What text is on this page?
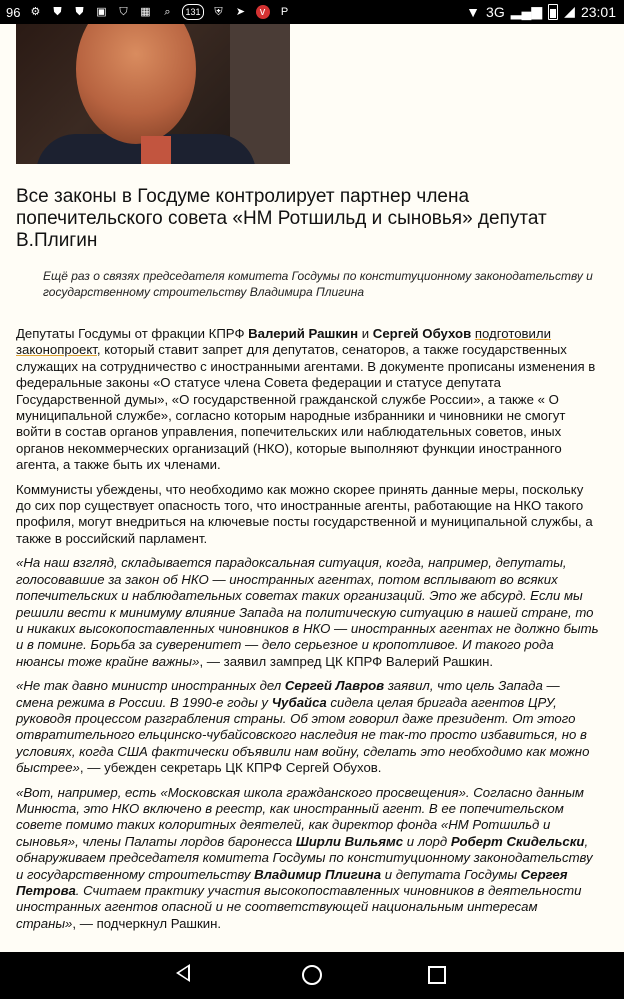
96 ⚙ ⛊ ⛊ ▣ ⛉ ▦	⌕	131 ⛨ ➤	v	P	▼ 3G ▂▄▆ ◢ 23:01
Все законы в Госдуме контролирует партнер члена попечительского совета «НМ Ротшильд и сыновья» депутат В.Плигин
Ещё раз о связях председателя комитета Госдумы по конституционному законодательству и государственному строительству Владимира Плигина

Депутаты Госдумы от фракции КПРФ Валерий Рашкин и Сергей Обухов подготовили законопроект, который ставит запрет для депутатов, сенаторов, а также государственных служащих на сотрудничество с иностранными агентами. В документе прописаны изменения в федеральные законы «О статусе члена Совета федерации и статусе депутата Государственной думы», «О государственной гражданской службе России», а также « О муниципальной службе», согласно которым народные избранники и чиновники не смогут войти в состав органов управления, попечительских или наблюдательных советов, иных органов некоммерческих организаций (НКО), которые выполняют функции иностранного агента, а также быть их членами.

Коммунисты убеждены, что необходимо как можно скорее принять данные меры, поскольку до сих пор существует опасность того, что иностранные агенты, работающие на НКО такого профиля, могут внедриться на ключевые посты государственной и муниципальной службы, а также в российский парламент.

«На наш взгляд, складывается парадоксальная ситуация, когда, например, депутаты, голосовавшие за закон об НКО — иностранных агентах, потом всплывают во всяких попечительских и наблюдательных советах таких организаций. Это же абсурд. Если мы решили вести к минимуму влияние Запада на политическую ситуацию в нашей стране, то и никаких высокопоставленных чиновников в НКО — иностранных агентах не должно быть и в помине. Борьба за суверенитет — дело серьезное и кропотливое. И такого рода нюансы тоже крайне важны», — заявил зампред ЦК КПРФ Валерий Рашкин.

«Не так давно министр иностранных дел Сергей Лавров заявил, что цель Запада — смена режима в России. В 1990-е годы у Чубайса сидела целая бригада агентов ЦРУ, руководя процессом разграбления страны. Об этом говорил даже президент. От этого отвратительного ельцинско-чубайсовского наследия не так-то просто избавиться, но в условиях, когда США фактически объявили нам войну, сделать это необходимо как можно быстрее», — убежден секретарь ЦК КПРФ Сергей Обухов.

«Вот, например, есть «Московская школа гражданского просвещения». Согласно данным Минюста, это НКО включено в реестр, как иностранный агент. В ее попечительском совете помимо таких колоритных деятелей, как директор фонда «НМ Ротшильд и сыновья», члены Палаты лордов баронесса Ширли Вильямс и лорд Роберт Скидельски, обнаруживаем председателя комитета Госдумы по конституционному законодательству и государственному строительству Владимир Плигина и депутата Госдумы Сергея Петрова. Считаем практику участия высокопоставленных чиновников в деятельности иностранных агентов опасной и не соответствующей национальным интересам страны», — подчеркнул Рашкин.
